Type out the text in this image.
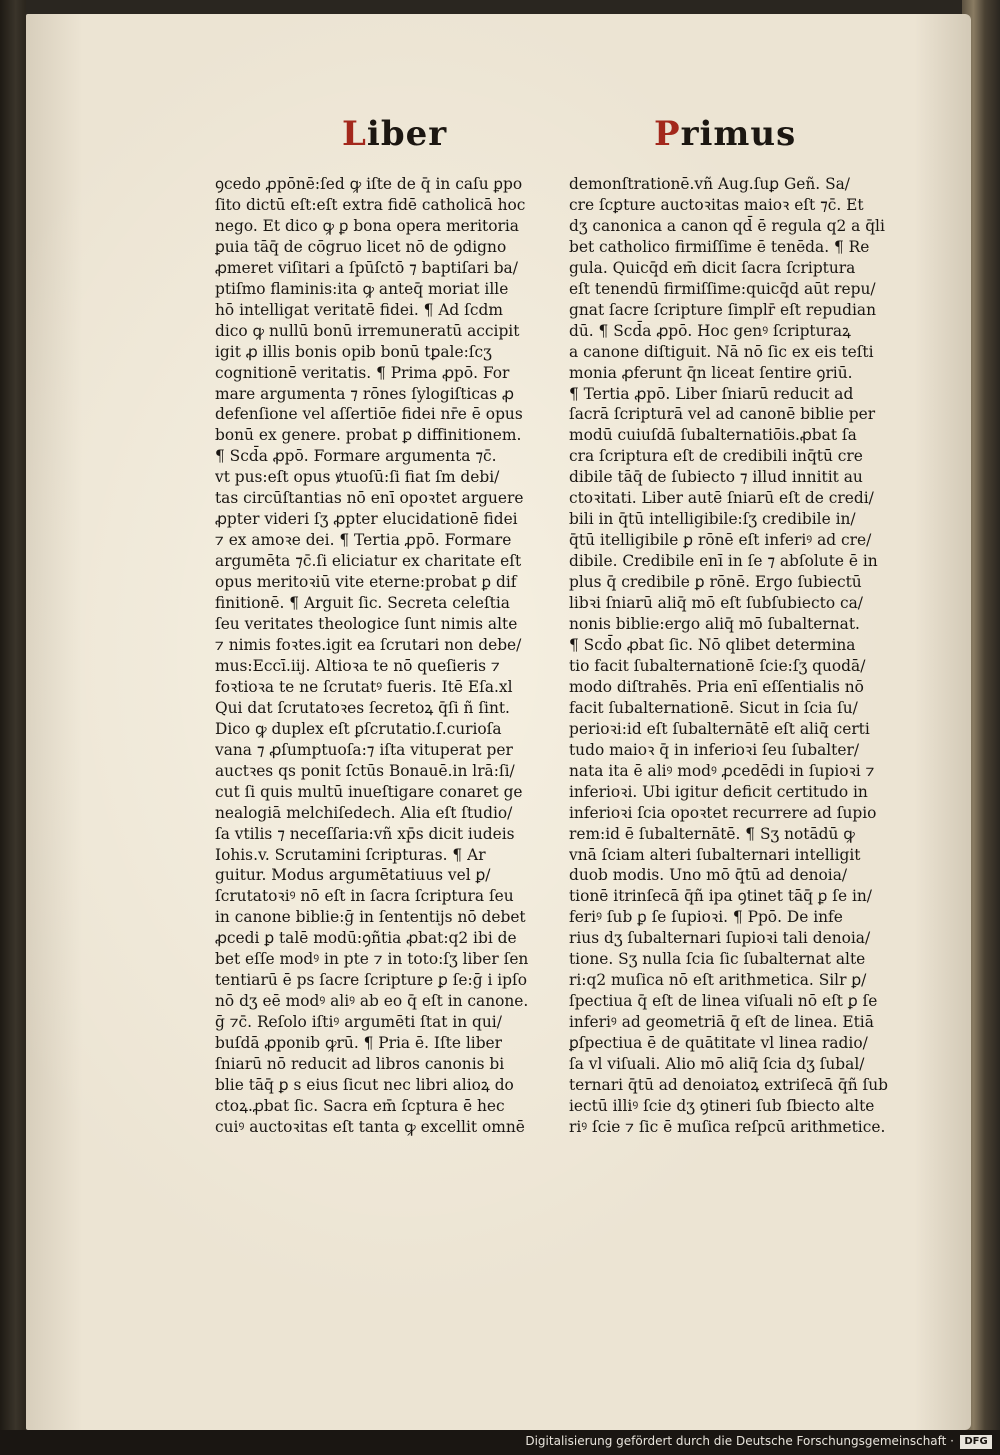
Liber	Primus
ꝯcedo ꝓpōnē:ſed ꝙ iſte de q̄ in caſu ꝑpo
ſito dictū eſt:eſt extra fidē catholicā hoc
nego. Et dico ꝙ ꝑ bona opera meritoria
ꝑuia tāq̄ de cōgruo licet nō de ꝯdigno
ꝓmeret viſitari a ſpūſctō ⁊ baptiſari ba/
ptiſmo flaminis:ita ꝙ anteq̄ moriat ille
hō intelligat veritatē fidei. ¶ Ad ſcdm
dico ꝙ nullū bonū irremuneratū accipit
igit ꝓ illis bonis opib bonū tꝑale:ſcʒ
cognitionē veritatis. ¶ Prima ꝓpō. For
mare argumenta ⁊ rōnes ſylogiſticas ꝓ
defenſione vel aſſertiōe fidei nr̄e ē opus
bonū ex genere. probat ꝑ diffinitionem.
¶ Scd̄a ꝓpō. Formare argumenta ⁊c̄.
vt pus:eſt opus ꝟtuoſū:ſi fiat ſm debi/
tas circūſtantias nō enī opoꝛtet arguere
ꝓpter videri ſʒ ꝓpter elucidationē fidei
⁊ ex amoꝛe dei. ¶ Tertia ꝓpō. Formare
argumēta ⁊c̄.ſi eliciatur ex charitate eſt
opus meritoꝛiū vite eterne:probat ꝑ dif
finitionē. ¶ Arguit ſic. Secreta celeſtia
ſeu veritates theologice ſunt nimis alte
⁊ nimis foꝛtes.igit ea ſcrutari non debe/
mus:Eccī.iij. Altioꝛa te nō queſieris ⁊
foꝛtioꝛa te ne ſcrutatꝰ fueris. Itē Eſa.xl
Qui dat ſcrutatoꝛes ſecretoꝝ q̄ſi ñ ſint.
Dico ꝙ duplex eſt ꝑſcrutatio.ſ.curioſa
vana ⁊ ꝓſumptuoſa:⁊ iſta vituperat per
auctꝛes qs ponit ſctūs Bonauē.in lrā:ſi/
cut ſi quis multū inueſtigare conaret ge
nealogiā melchiſedech. Alia eſt ſtudio/
ſa vtilis ⁊ neceſſaria:vñ xp̄s dicit iudeis
Iohis.v. Scrutamini ſcripturas. ¶ Ar
guitur. Modus argumētatiuus vel ꝑ/
ſcrutatoꝛiꝰ nō eſt in ſacra ſcriptura ſeu
in canone biblie:ḡ in ſententijs nō debet
ꝓcedi ꝑ talē modū:ꝯñtia ꝓbat:q2 ibi de
bet eſſe modꝰ in pte ⁊ in toto:ſʒ liber ſen
tentiarū ē ps ſacre ſcripture ꝑ ſe:ḡ i ipſo
nō dʒ eē modꝰ aliꝰ ab eo q̄ eſt in canone.
ḡ ⁊c̄. Reſolo iſtiꝰ argumēti ſtat in qui/
buſdā ꝓponib ꝙrū. ¶ Pria ē. Iſte liber
ſniarū nō reducit ad libros canonis bi
blie tāq̄ ꝑ s eius ſicut nec libri alioꝝ do
ctoꝝ.ꝓbat ſic. Sacra em̄ ſcptura ē hec
cuiꝰ auctoꝛitas eſt tanta ꝙ excellit omnē
demonſtrationē.vñ Aug.ſuꝑ Geñ. Sa/
cre ſcꝑture auctoꝛitas maioꝛ eſt ⁊c̄. Et
dʒ canonica a canon qd̄ ē regula q2 a q̄li
bet catholico firmiſſime ē tenēda. ¶ Re
gula. Quicq̄d em̄ dicit ſacra ſcriptura
eſt tenendū firmiſſime:quicq̄d aūt repu/
gnat ſacre ſcripture ſimplr̄ eſt repudian
dū. ¶ Scd̄a ꝓpō. Hoc genꝰ ſcripturaꝝ
a canone diſtiguit. Nā nō ſic ex eis teſti
monia ꝓferunt q̄n liceat ſentire ꝯriū.
¶ Tertia ꝓpō. Liber ſniarū reducit ad
ſacrā ſcripturā vel ad canonē biblie per
modū cuiuſdā ſubalternatiōis.ꝓbat ſa
cra ſcriptura eſt de credibili inq̄tū cre
dibile tāq̄ de ſubiecto ⁊ illud innitit au
ctoꝛitati. Liber autē ſniarū eſt de credi/
bili in q̄tū intelligibile:ſʒ credibile in/
q̄tū itelligibile ꝑ rōnē eſt inferiꝰ ad cre/
dibile. Credibile enī in ſe ⁊ abſolute ē in
plus q̄ credibile ꝑ rōnē. Ergo ſubiectū
libꝛi ſniarū aliq̄ mō eſt ſubſubiecto ca/
nonis biblie:ergo aliq̄ mō ſubalternat.
¶ Scd̄o ꝓbat ſic. Nō qlibet determina
tio facit ſubalternationē ſcie:ſʒ quodā/
modo diſtrahēs. Pria enī eſſentialis nō
facit ſubalternationē. Sicut in ſcia ſu/
perioꝛi:id eſt ſubalternātē eſt aliq̄ certi
tudo maioꝛ q̄ in inferioꝛi ſeu ſubalter/
nata ita ē aliꝰ modꝰ ꝓcedēdi in ſupioꝛi ⁊
inferioꝛi. Ubi igitur deficit certitudo in
inferioꝛi ſcia opoꝛtet recurrere ad ſupio
rem:id ē ſubalternātē. ¶ Sʒ notādū ꝙ
vnā ſciam alteri ſubalternari intelligit
duob modis. Uno mō q̄tū ad denoia/
tionē itrinſecā q̄ñ ipa ꝯtinet tāq̄ ꝑ ſe in/
feriꝰ ſub ꝑ ſe ſupioꝛi. ¶ Ppō. De infe
rius dʒ ſubalternari ſupioꝛi tali denoia/
tione. Sʒ nulla ſcia ſic ſubalternat alte
ri:q2 muſica nō eſt arithmetica. Silr ꝑ/
ſpectiua q̄ eſt de linea viſuali nō eſt ꝑ ſe
inferiꝰ ad geometriā q̄ eſt de linea. Etiā
ꝑſpectiua ē de quātitate vl linea radio/
ſa vl viſuali. Alio mō aliq̄ ſcia dʒ ſubal/
ternari q̄tū ad denoiatoꝝ extriſecā q̄ñ ſub
iectū illiꝰ ſcie dʒ ꝯtineri ſub ſbiecto alte
riꝰ ſcie ⁊ ſic ē muſica reſpcū arithmetice.
Digitalisierung gefördert durch die Deutsche Forschungsgemeinschaft ·	DFG
